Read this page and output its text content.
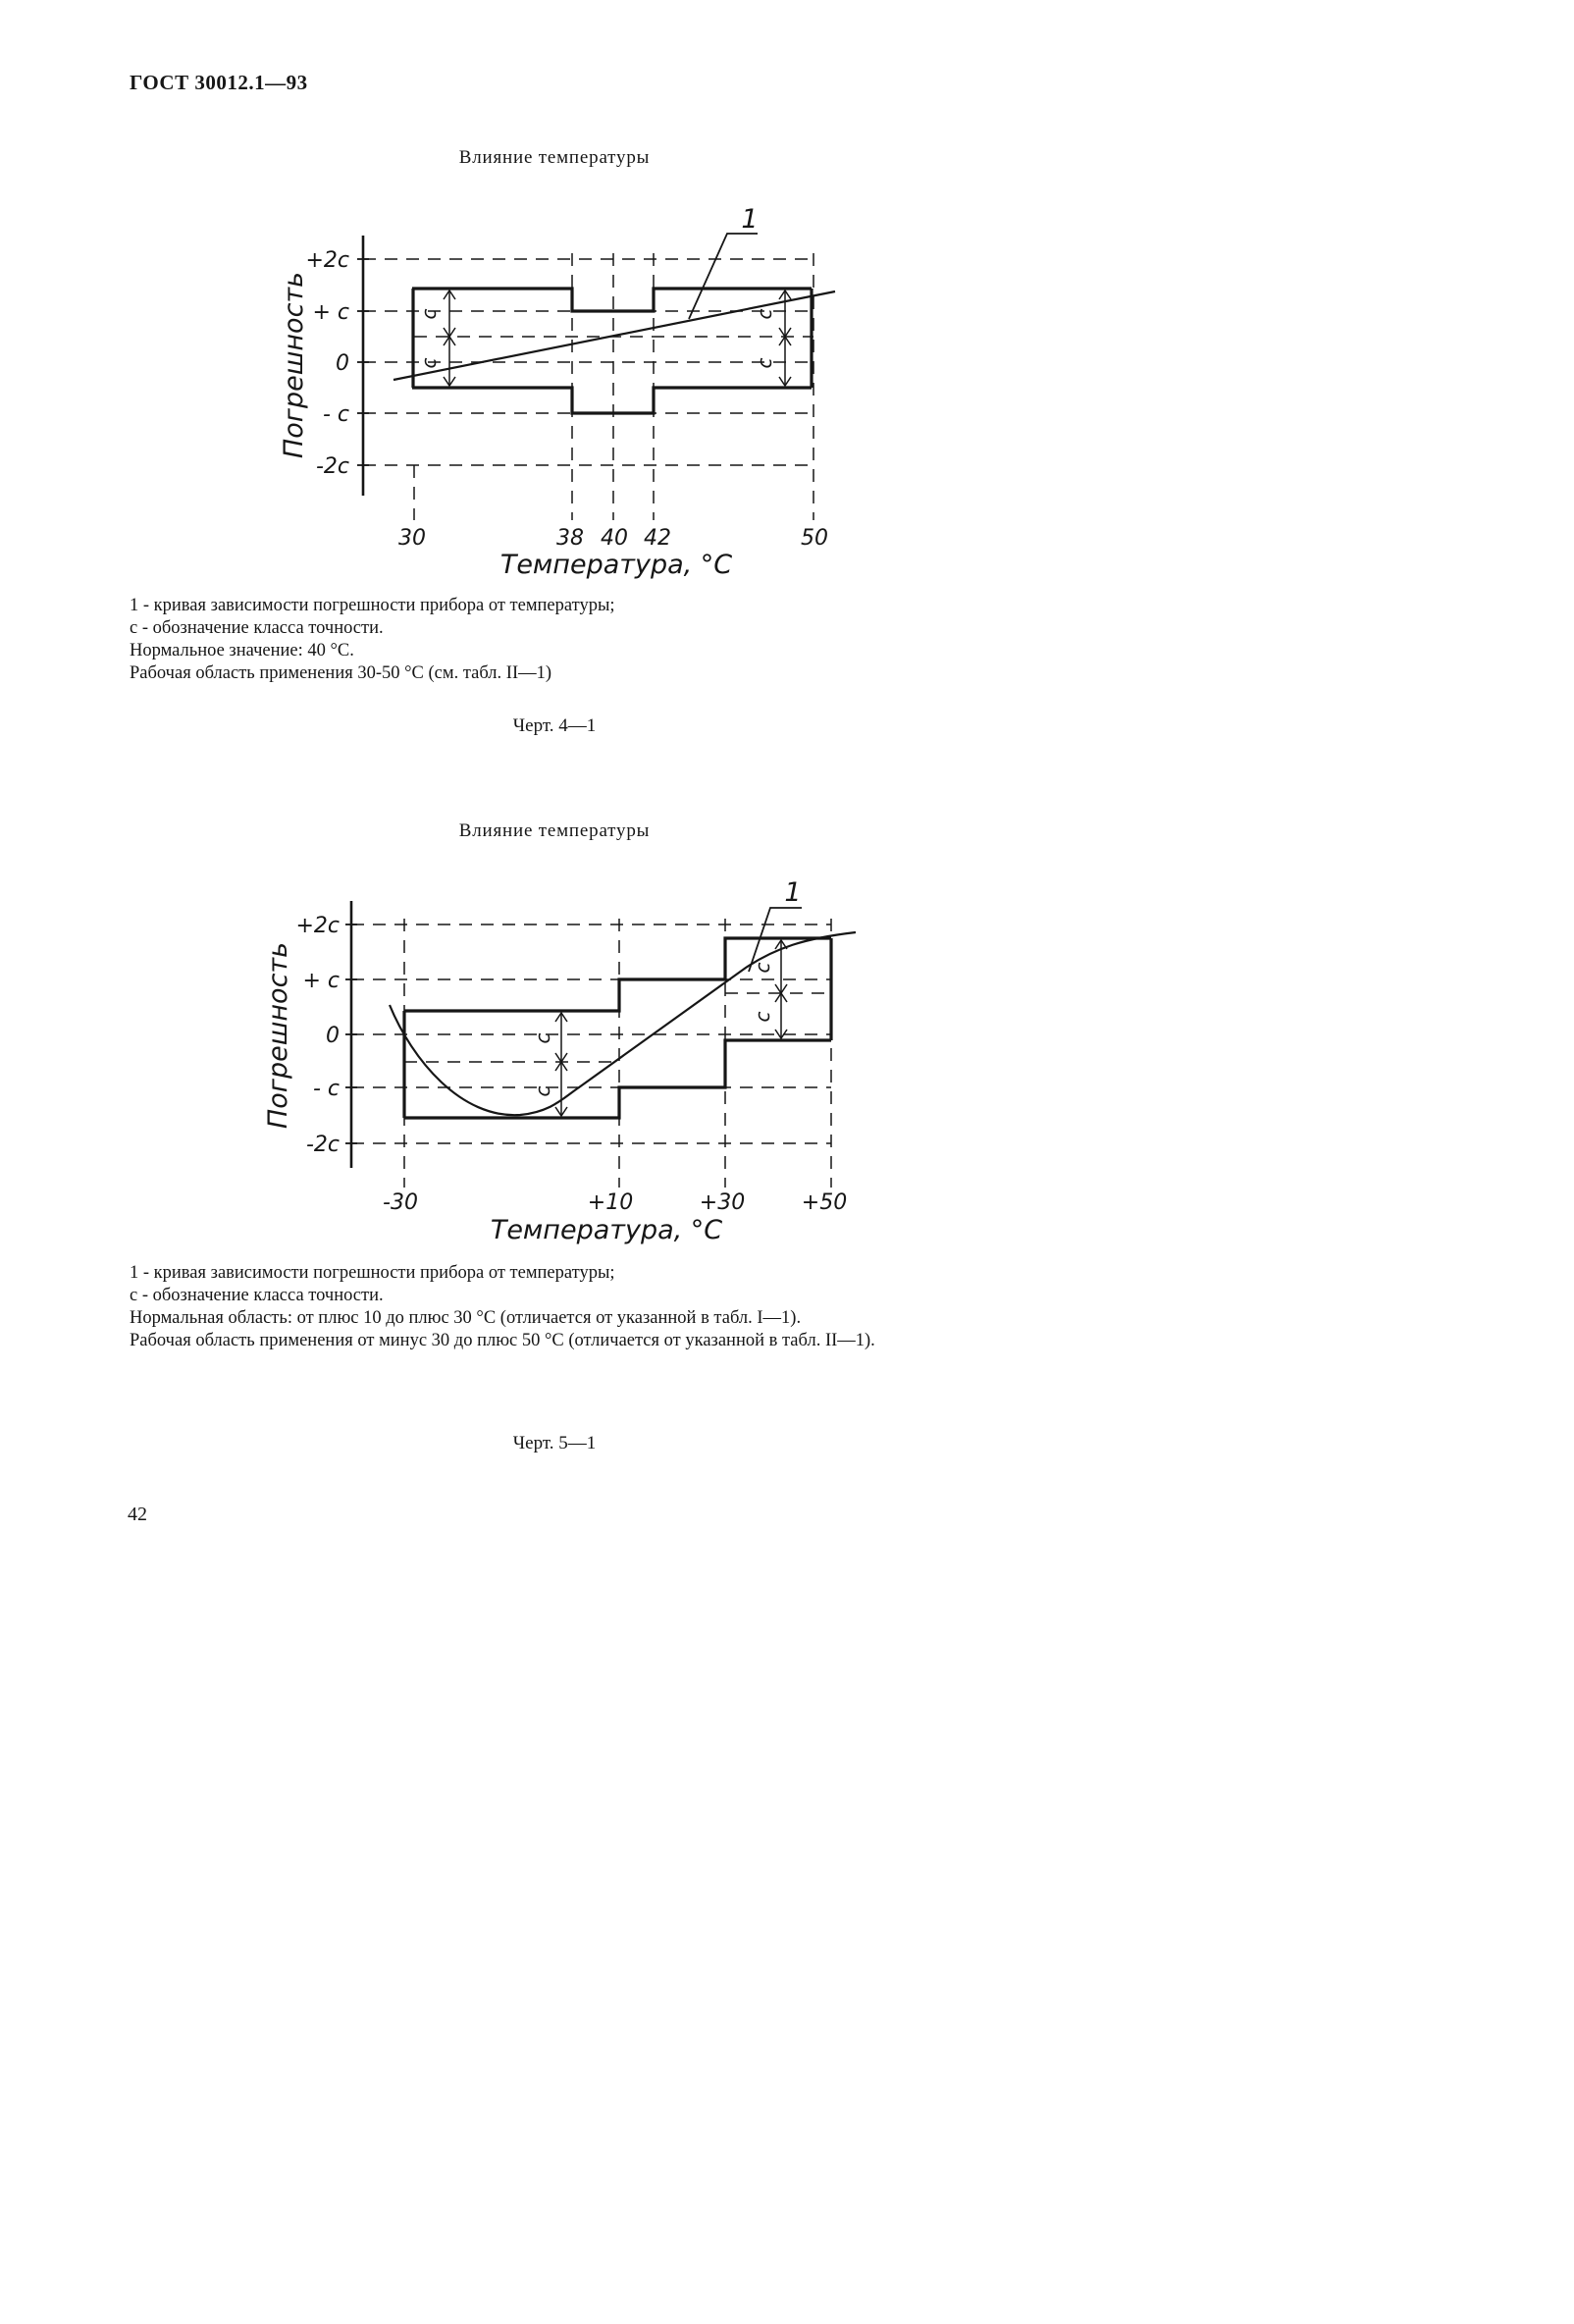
ГОСТ 30012.1—93
Влияние температуры
+2с
+ с
0
- с
-2с
Погрешность
30	38 40 42	50
Температура, °С
1
с
с
с
с

1 - кривая зависимости погрешности прибора от температуры;

с - обозначение класса точности.

Нормальное значение: 40 °С.

Рабочая область применения 30-50 °С (см. табл. II—1)

Черт. 4—1
Влияние температуры
+2с
+ с
0
- с
-2с
Погрешность
-30	+10	+30	+50
Температура, °С
1
с
с
с
с

1 - кривая зависимости погрешности прибора от температуры;

с - обозначение класса точности.

Нормальная область: от плюс 10 до плюс 30 °С (отличается от указанной в табл. I—1).

Рабочая область применения от минус 30 до плюс 50 °С (отличается от указанной в табл. II—1).

Черт. 5—1
42
